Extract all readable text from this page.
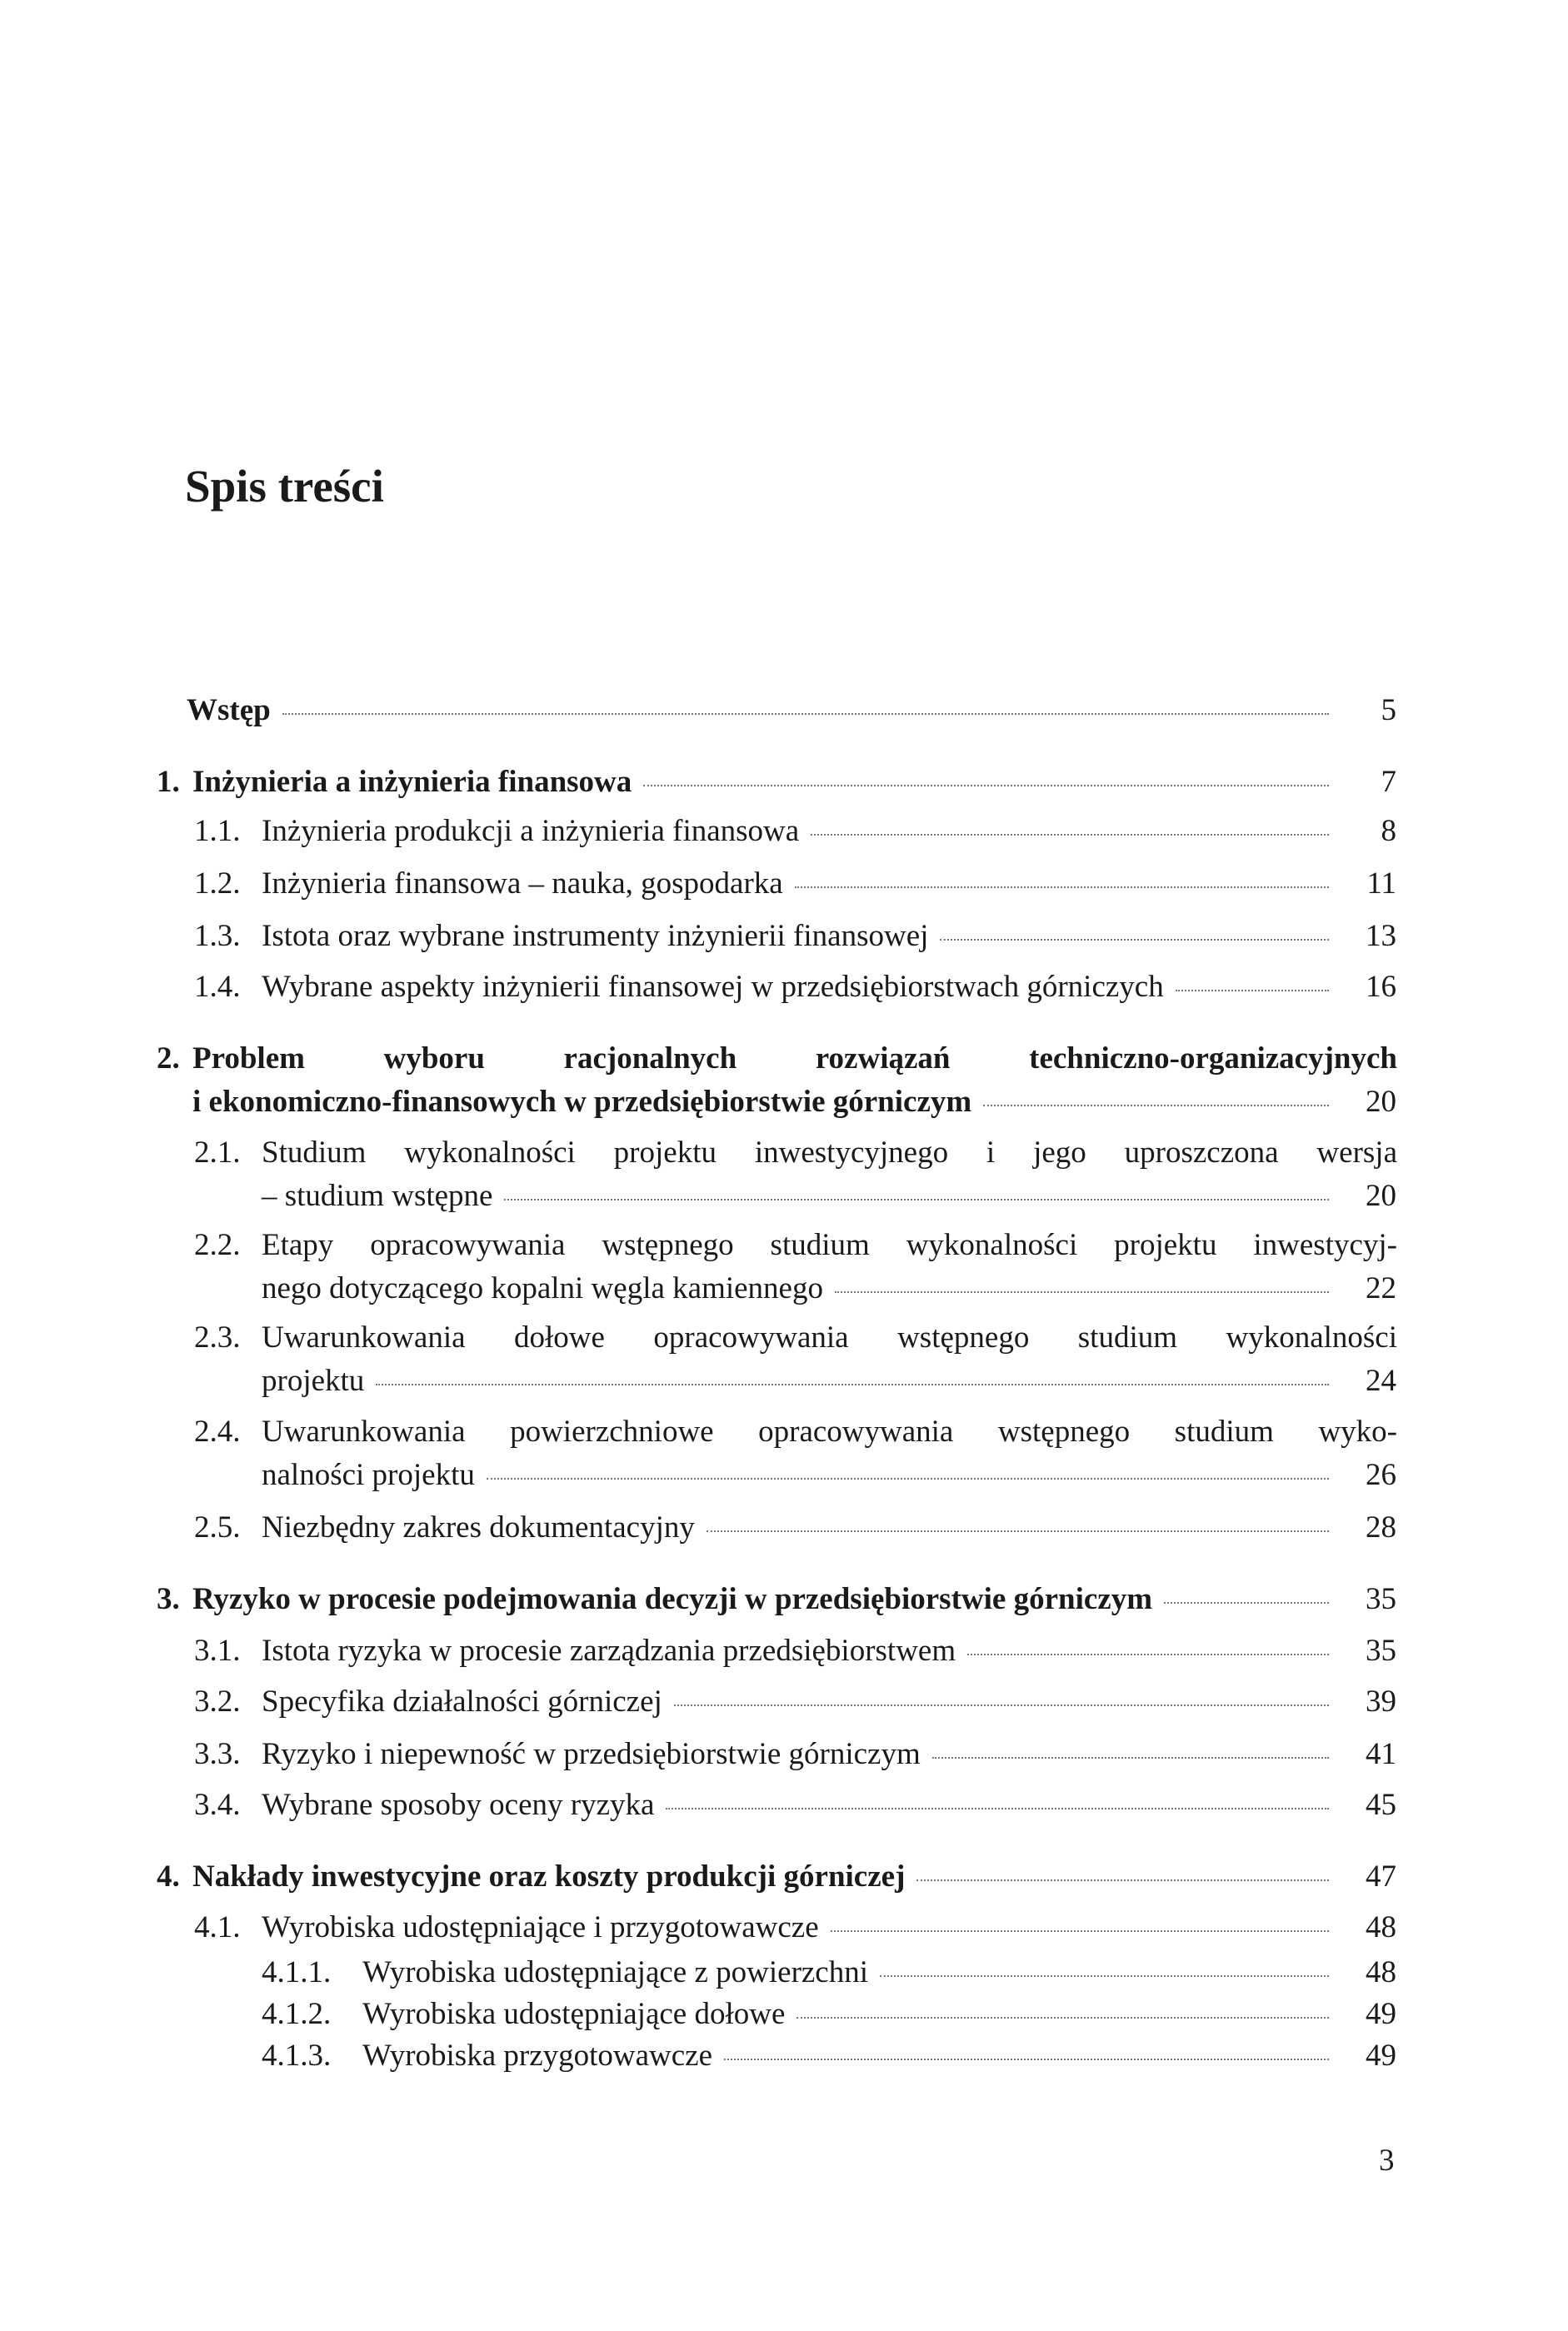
Spis treści
Wstęp	5
1. Inżynieria a inżynieria finansowa	7
1.1. Inżynieria produkcji a inżynieria finansowa	8
1.2. Inżynieria finansowa – nauka, gospodarka	11
1.3. Istota oraz wybrane instrumenty inżynierii finansowej	13
1.4. Wybrane aspekty inżynierii finansowej w przedsiębiorstwach górniczych	16
2. Problem wyboru racjonalnych rozwiązań techniczno-organizacyjnych
i ekonomiczno-finansowych w przedsiębiorstwie górniczym	20
2.1. Studium wykonalności projektu inwestycyjnego i jego uproszczona wersja
– studium wstępne	20
2.2. Etapy opracowywania wstępnego studium wykonalności projektu inwestycyj-
nego dotyczącego kopalni węgla kamiennego	22
2.3. Uwarunkowania dołowe opracowywania wstępnego studium wykonalności
projektu	24
2.4. Uwarunkowania powierzchniowe opracowywania wstępnego studium wyko-
nalności projektu	26
2.5. Niezbędny zakres dokumentacyjny	28
3. Ryzyko w procesie podejmowania decyzji w przedsiębiorstwie górniczym	35
3.1. Istota ryzyka w procesie zarządzania przedsiębiorstwem	35
3.2. Specyfika działalności górniczej	39
3.3. Ryzyko i niepewność w przedsiębiorstwie górniczym	41
3.4. Wybrane sposoby oceny ryzyka	45
4. Nakłady inwestycyjne oraz koszty produkcji górniczej	47
4.1. Wyrobiska udostępniające i przygotowawcze	48
4.1.1. Wyrobiska udostępniające z powierzchni	48
4.1.2. Wyrobiska udostępniające dołowe	49
4.1.3. Wyrobiska przygotowawcze	49
3
